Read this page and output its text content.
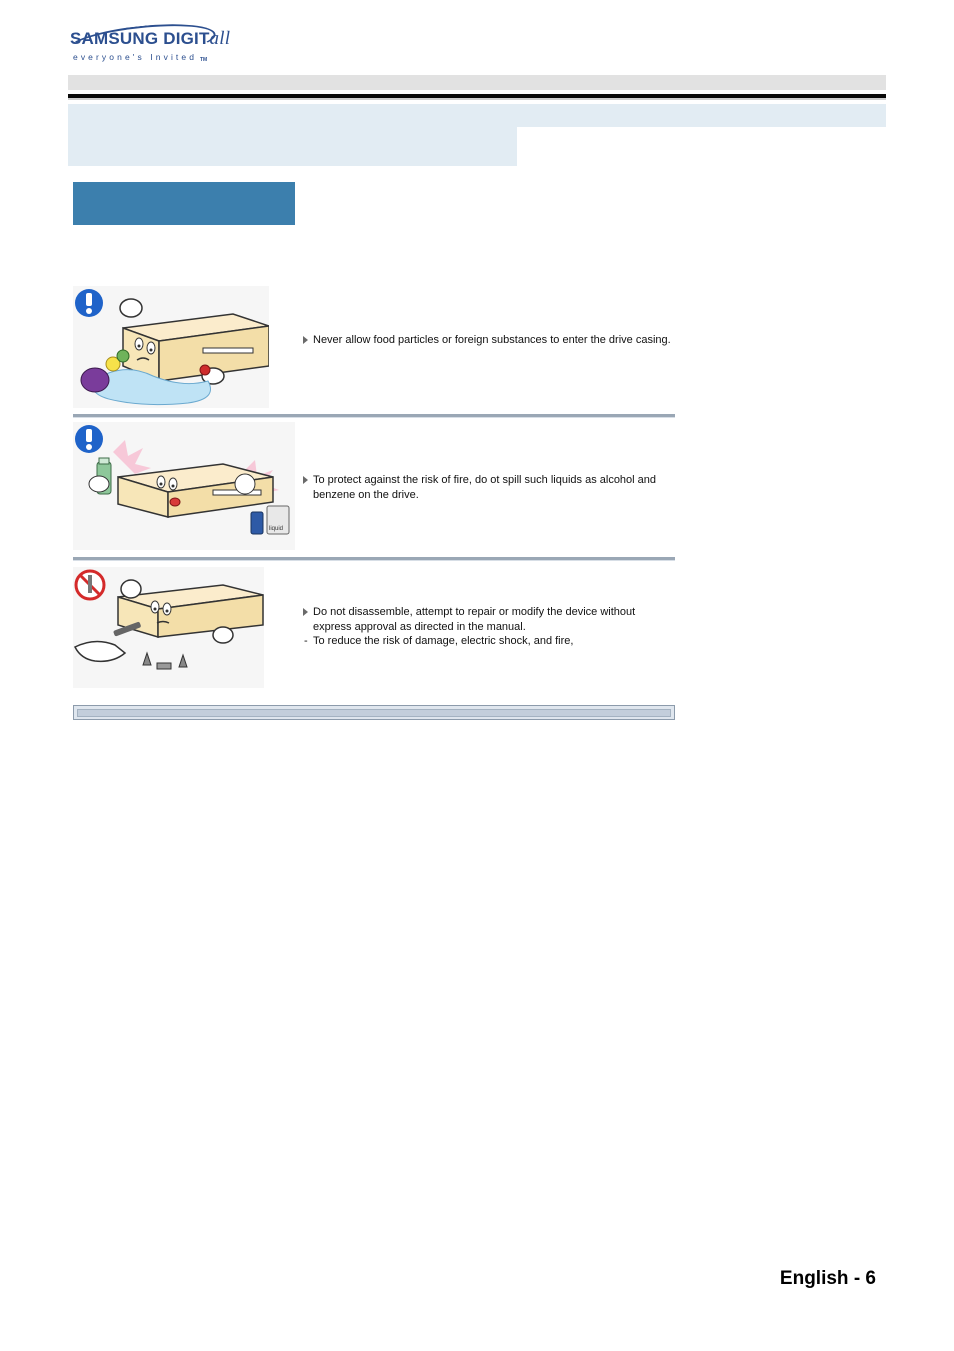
SAMSUNG DIGITall
everyone's Invited TM
Never allow food particles or foreign substances to enter the drive casing.
liquid
To protect against the risk of fire, do ot spill such liquids as alcohol and benzene on the drive.
Do not disassemble, attempt to repair or modify the device without express approval as directed in the manual.
- To reduce the risk of damage, electric shock, and fire,
English - 6
